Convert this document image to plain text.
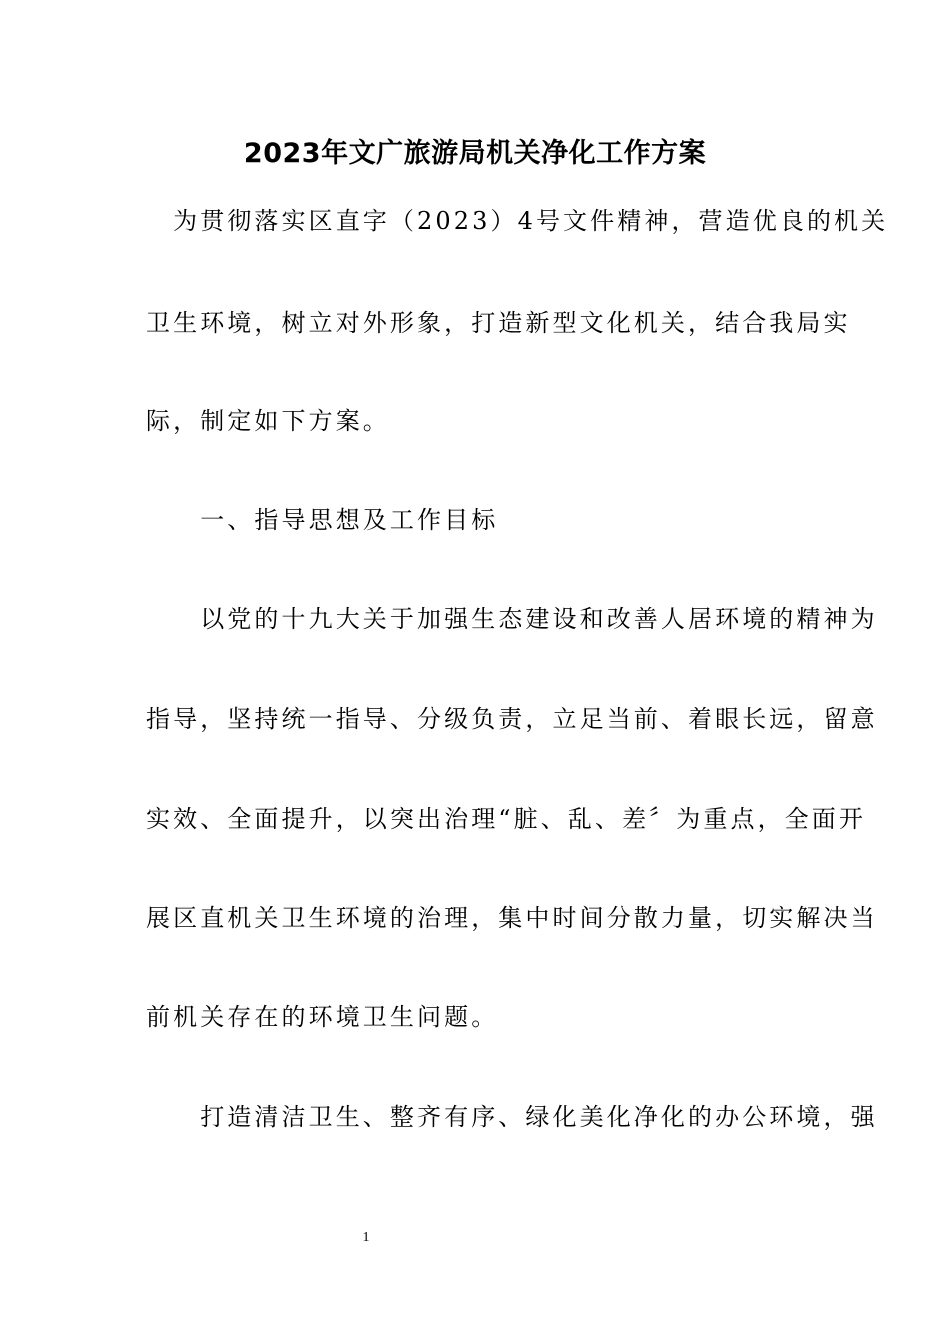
2023年文广旅游局机关净化工作方案
　为贯彻落实区直字（2023）4号文件精神，营造优良的机关
卫生环境，树立对外形象，打造新型文化机关，结合我局实
际，制定如下方案。
　　一、指导思想及工作目标
　　以党的十九大关于加强生态建设和改善人居环境的精神为
指导，坚持统一指导、分级负责，立足当前、着眼长远，留意
实效、全面提升，以突出治理“脏、乱、差〞为重点，全面开
展区直机关卫生环境的治理，集中时间分散力量，切实解决当
前机关存在的环境卫生问题。
　　打造清洁卫生、整齐有序、绿化美化净化的办公环境，强
1
